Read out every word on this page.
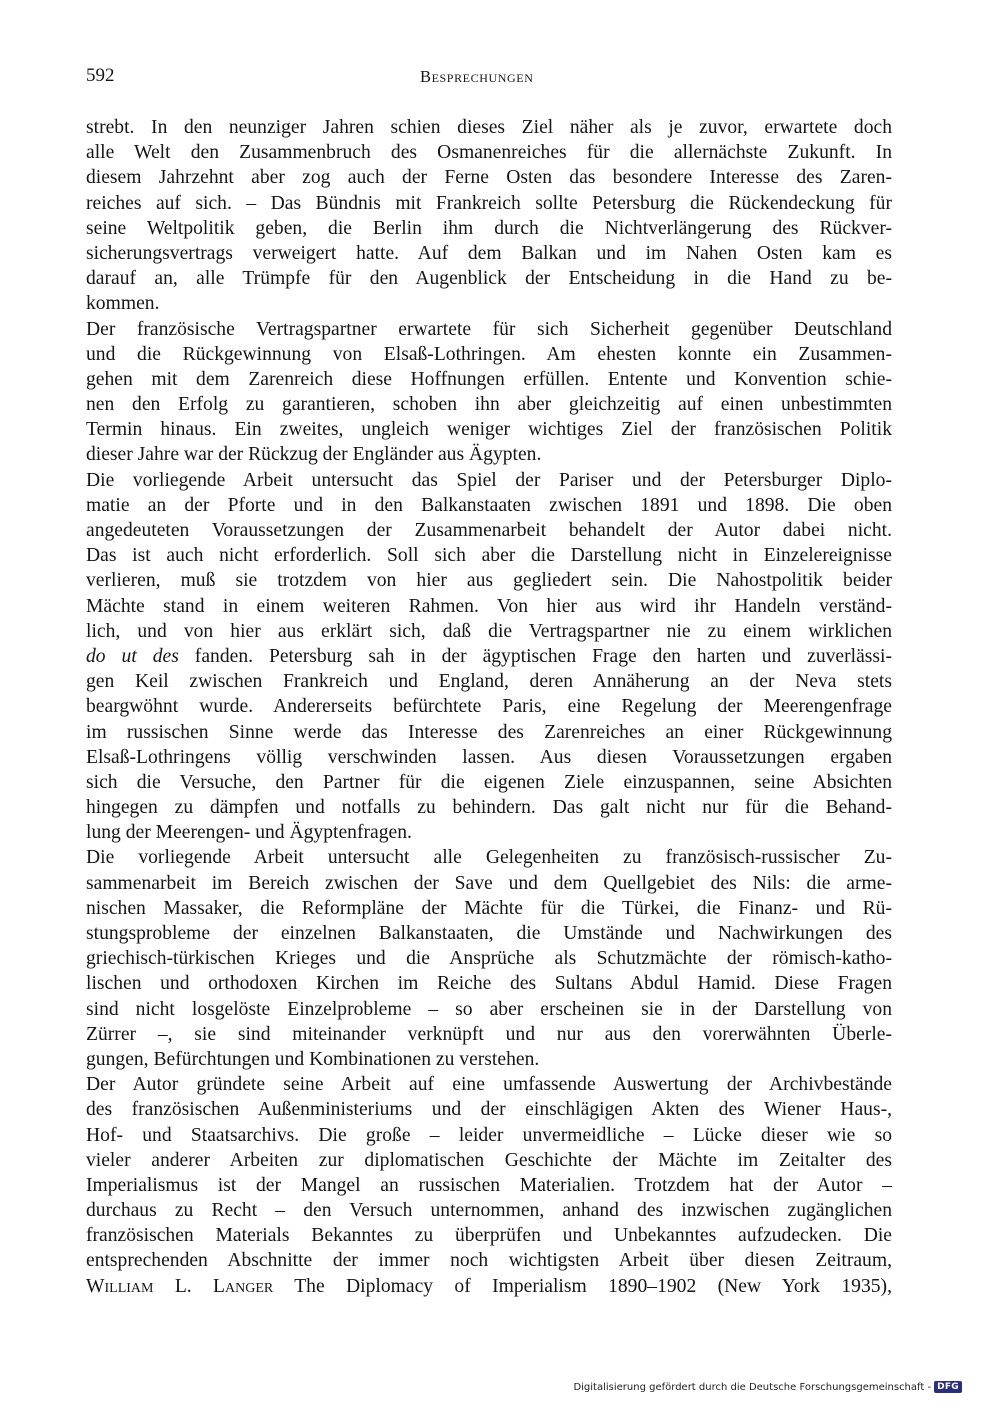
592	Besprechungen
strebt. In den neunziger Jahren schien dieses Ziel näher als je zuvor, erwartete doch
alle Welt den Zusammenbruch des Osmanenreiches für die allernächste Zukunft. In
diesem Jahrzehnt aber zog auch der Ferne Osten das besondere Interesse des Zaren-
reiches auf sich. – Das Bündnis mit Frankreich sollte Petersburg die Rückendeckung für
seine Weltpolitik geben, die Berlin ihm durch die Nichtverlängerung des Rückver-
sicherungsvertrags verweigert hatte. Auf dem Balkan und im Nahen Osten kam es
darauf an, alle Trümpfe für den Augenblick der Entscheidung in die Hand zu be-
kommen.
Der französische Vertragspartner erwartete für sich Sicherheit gegenüber Deutschland
und die Rückgewinnung von Elsaß-Lothringen. Am ehesten konnte ein Zusammen-
gehen mit dem Zarenreich diese Hoffnungen erfüllen. Entente und Konvention schie-
nen den Erfolg zu garantieren, schoben ihn aber gleichzeitig auf einen unbestimmten
Termin hinaus. Ein zweites, ungleich weniger wichtiges Ziel der französischen Politik
dieser Jahre war der Rückzug der Engländer aus Ägypten.
Die vorliegende Arbeit untersucht das Spiel der Pariser und der Petersburger Diplo-
matie an der Pforte und in den Balkanstaaten zwischen 1891 und 1898. Die oben
angedeuteten Voraussetzungen der Zusammenarbeit behandelt der Autor dabei nicht.
Das ist auch nicht erforderlich. Soll sich aber die Darstellung nicht in Einzelereignisse
verlieren, muß sie trotzdem von hier aus gegliedert sein. Die Nahostpolitik beider
Mächte stand in einem weiteren Rahmen. Von hier aus wird ihr Handeln verständ-
lich, und von hier aus erklärt sich, daß die Vertragspartner nie zu einem wirklichen
do ut des fanden. Petersburg sah in der ägyptischen Frage den harten und zuverlässi-
gen Keil zwischen Frankreich und England, deren Annäherung an der Neva stets
beargwöhnt wurde. Andererseits befürchtete Paris, eine Regelung der Meerengenfrage
im russischen Sinne werde das Interesse des Zarenreiches an einer Rückgewinnung
Elsaß-Lothringens völlig verschwinden lassen. Aus diesen Voraussetzungen ergaben
sich die Versuche, den Partner für die eigenen Ziele einzuspannen, seine Absichten
hingegen zu dämpfen und notfalls zu behindern. Das galt nicht nur für die Behand-
lung der Meerengen- und Ägyptenfragen.
Die vorliegende Arbeit untersucht alle Gelegenheiten zu französisch-russischer Zu-
sammenarbeit im Bereich zwischen der Save und dem Quellgebiet des Nils: die arme-
nischen Massaker, die Reformpläne der Mächte für die Türkei, die Finanz- und Rü-
stungsprobleme der einzelnen Balkanstaaten, die Umstände und Nachwirkungen des
griechisch-türkischen Krieges und die Ansprüche als Schutzmächte der römisch-katho-
lischen und orthodoxen Kirchen im Reiche des Sultans Abdul Hamid. Diese Fragen
sind nicht losgelöste Einzelprobleme – so aber erscheinen sie in der Darstellung von
Zürrer –, sie sind miteinander verknüpft und nur aus den vorerwähnten Überle-
gungen, Befürchtungen und Kombinationen zu verstehen.
Der Autor gründete seine Arbeit auf eine umfassende Auswertung der Archivbestände
des französischen Außenministeriums und der einschlägigen Akten des Wiener Haus-,
Hof- und Staatsarchivs. Die große – leider unvermeidliche – Lücke dieser wie so
vieler anderer Arbeiten zur diplomatischen Geschichte der Mächte im Zeitalter des
Imperialismus ist der Mangel an russischen Materialien. Trotzdem hat der Autor –
durchaus zu Recht – den Versuch unternommen, anhand des inzwischen zugänglichen
französischen Materials Bekanntes zu überprüfen und Unbekanntes aufzudecken. Die
entsprechenden Abschnitte der immer noch wichtigsten Arbeit über diesen Zeitraum,
William L. Langer The Diplomacy of Imperialism 1890–1902 (New York 1935),
Digitalisierung gefördert durch die Deutsche Forschungsgemeinschaft - DFG
